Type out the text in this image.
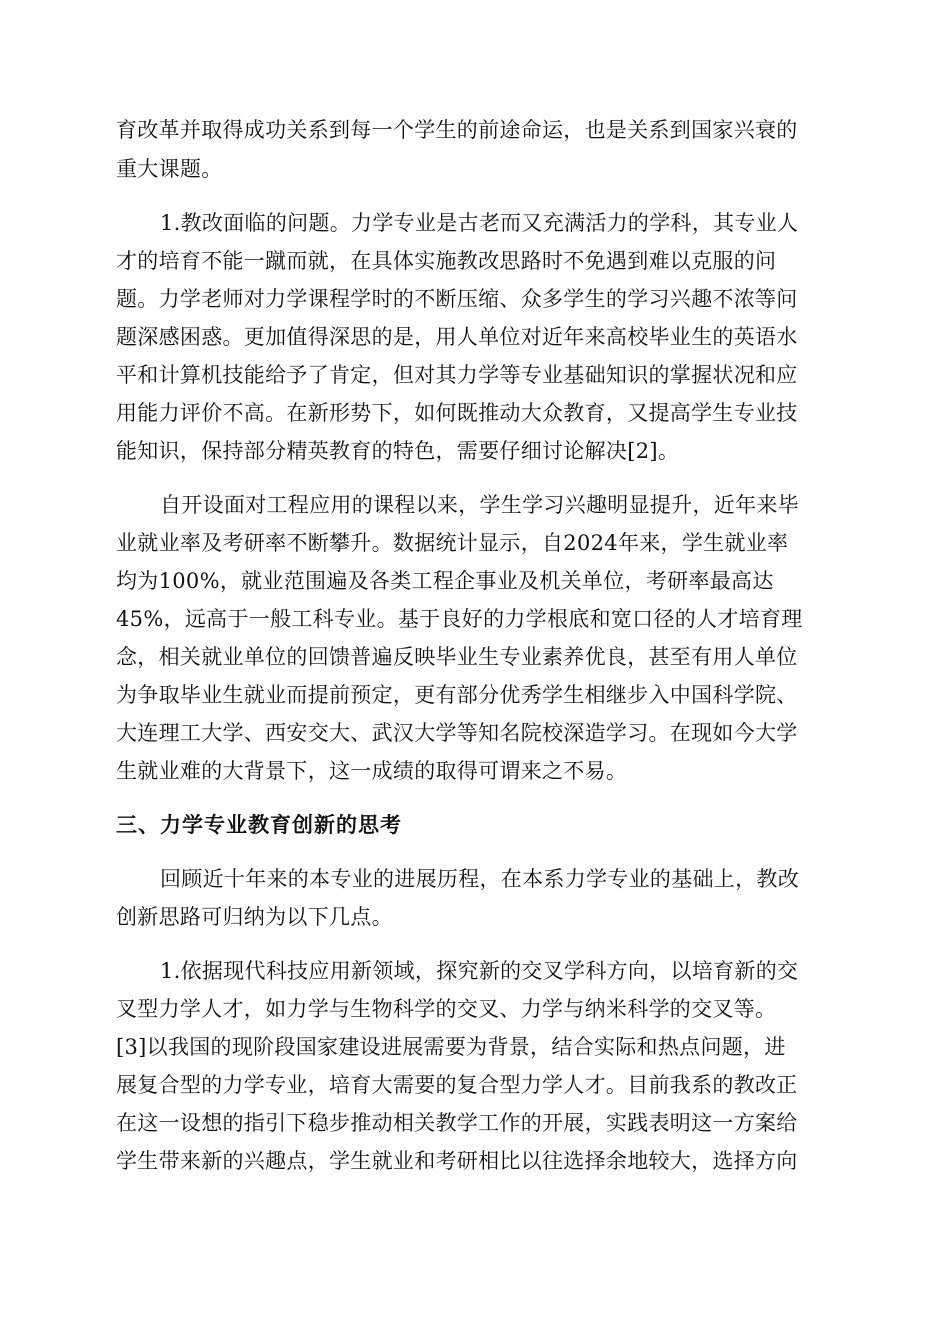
育改革并取得成功关系到每一个学生的前途命运，也是关系到国家兴衰的
重大课题。
1.教改面临的问题。力学专业是古老而又充满活力的学科，其专业人
才的培育不能一蹴而就，在具体实施教改思路时不免遇到难以克服的问
题。力学老师对力学课程学时的不断压缩、众多学生的学习兴趣不浓等问
题深感困惑。更加值得深思的是，用人单位对近年来高校毕业生的英语水
平和计算机技能给予了肯定，但对其力学等专业基础知识的掌握状况和应
用能力评价不高。在新形势下，如何既推动大众教育，又提高学生专业技
能知识，保持部分精英教育的特色，需要仔细讨论解决[2]。
自开设面对工程应用的课程以来，学生学习兴趣明显提升，近年来毕
业就业率及考研率不断攀升。数据统计显示，自2024年来，学生就业率
均为100%，就业范围遍及各类工程企事业及机关单位，考研率最高达
45%，远高于一般工科专业。基于良好的力学根底和宽口径的人才培育理
念，相关就业单位的回馈普遍反映毕业生专业素养优良，甚至有用人单位
为争取毕业生就业而提前预定，更有部分优秀学生相继步入中国科学院、
大连理工大学、西安交大、武汉大学等知名院校深造学习。在现如今大学
生就业难的大背景下，这一成绩的取得可谓来之不易。
三、力学专业教育创新的思考
回顾近十年来的本专业的进展历程，在本系力学专业的基础上，教改
创新思路可归纳为以下几点。
1.依据现代科技应用新领域，探究新的交叉学科方向，以培育新的交
叉型力学人才，如力学与生物科学的交叉、力学与纳米科学的交叉等。
[3]以我国的现阶段国家建设进展需要为背景，结合实际和热点问题，进
展复合型的力学专业，培育大需要的复合型力学人才。目前我系的教改正
在这一设想的指引下稳步推动相关教学工作的开展，实践表明这一方案给
学生带来新的兴趣点，学生就业和考研相比以往选择余地较大，选择方向
